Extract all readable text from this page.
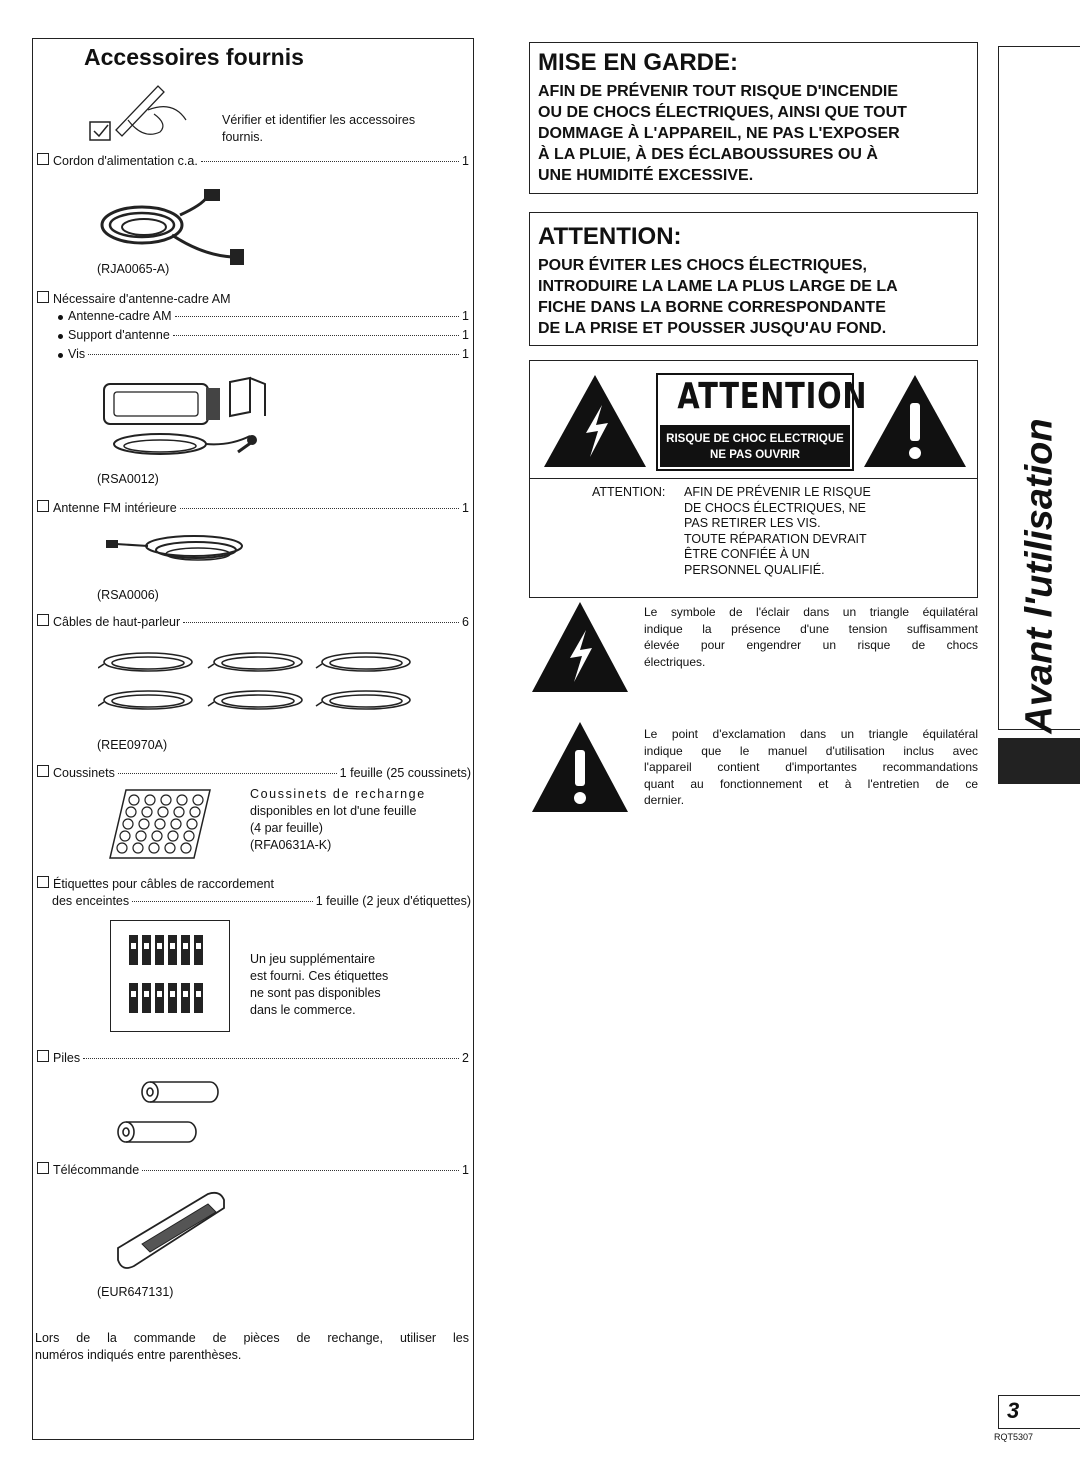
Accessoires fournis
Vérifier et identifier les accessoires
fournis.
Cordon d'alimentation c.a.	1
(RJA0065-A)
Nécessaire d'antenne-cadre AM
Antenne-cadre AM	1
Support d'antenne	1
Vis	1
(RSA0012)
Antenne FM intérieure	1
(RSA0006)
Câbles de haut-parleur	6
(REE0970A)
Coussinets	1 feuille (25 coussinets)
Coussinets de recharnge
disponibles en lot d'une feuille
(4 par feuille)
(RFA0631A-K)
Étiquettes pour câbles de raccordement
des enceintes	1 feuille (2 jeux d'étiquettes)
Un jeu supplémentaire
est fourni. Ces étiquettes
ne sont pas disponibles
dans le commerce.
Piles	2
Télécommande	1
(EUR647131)
Lors de la commande de pièces de rechange, utiliser les
numéros indiqués entre parenthèses.
MISE EN GARDE:
AFIN DE PRÉVENIR TOUT RISQUE D'INCENDIE
OU DE CHOCS ÉLECTRIQUES, AINSI QUE TOUT
DOMMAGE À L'APPAREIL, NE PAS L'EXPOSER
À LA PLUIE, À DES ÉCLABOUSSURES OU À
UNE HUMIDITÉ EXCESSIVE.
ATTENTION:
POUR ÉVITER LES CHOCS ÉLECTRIQUES,
INTRODUIRE LA LAME LA PLUS LARGE DE LA
FICHE DANS LA BORNE CORRESPONDANTE
DE LA PRISE ET POUSSER JUSQU'AU FOND.
ATTENTION
RISQUE DE CHOC ELECTRIQUE
NE PAS OUVRIR
ATTENTION: AFIN DE PRÉVENIR LE RISQUE
DE CHOCS ÉLECTRIQUES, NE
PAS RETIRER LES VIS.
TOUTE RÉPARATION DEVRAIT
ÊTRE CONFIÉE À UN
PERSONNEL QUALIFIÉ.
Le symbole de l'éclair dans un triangle équilatéral
indique la présence d'une tension suffisamment
élevée pour engendrer un risque de chocs
électriques.
Le point d'exclamation dans un triangle équilatéral
indique que le manuel d'utilisation inclus avec
l'appareil contient d'importantes recommandations
quant au fonctionnement et à l'entretien de ce
dernier.
Avant l'utilisation
3
RQT5307
